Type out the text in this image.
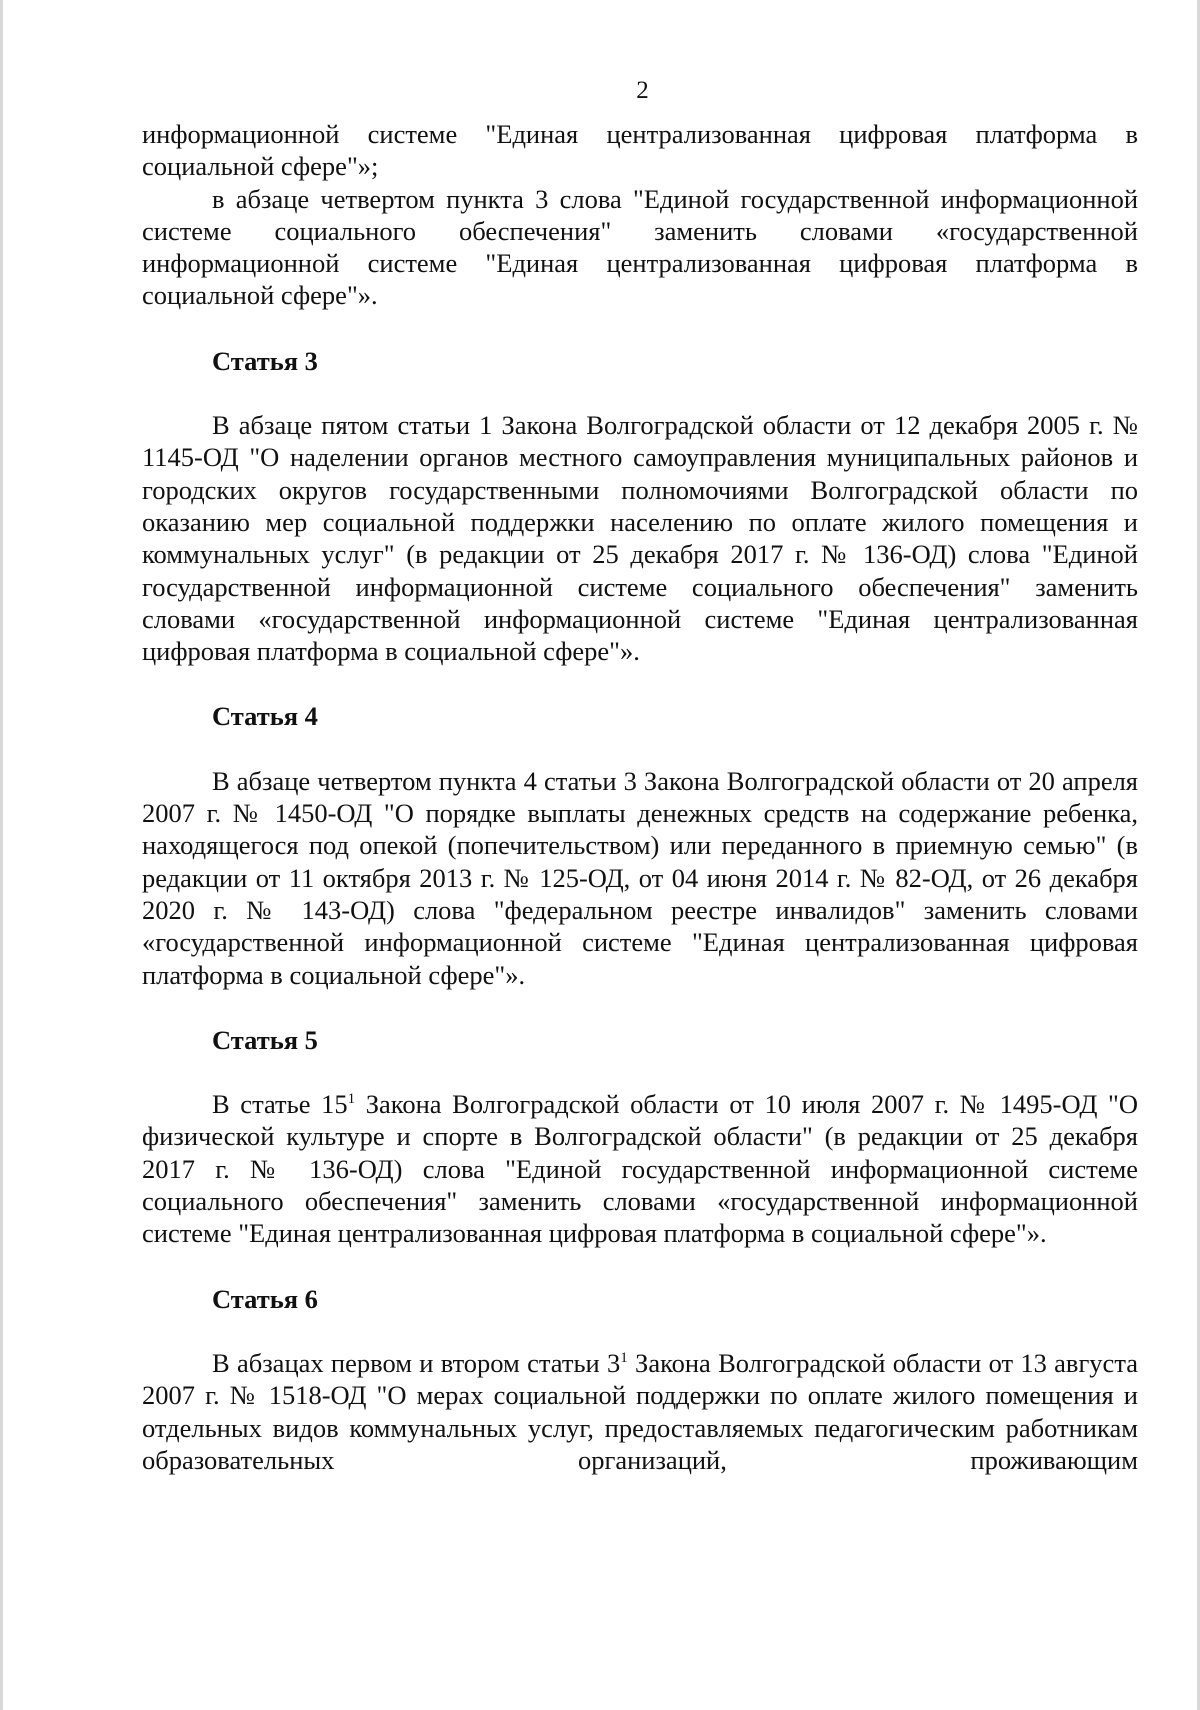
2

информационной системе "Единая централизованная цифровая платформа в социальной сфере"»;

в абзаце четвертом пункта 3 слова "Единой государственной информационной системе социального обеспечения" заменить словами «государственной информационной системе "Единая централизованная цифровая платформа в социальной сфере"».

Статья 3

В абзаце пятом статьи 1 Закона Волгоградской области от 12 декабря 2005 г. № 1145-ОД "О наделении органов местного самоуправления муниципальных районов и городских округов государственными полномочиями Волгоградской области по оказанию мер социальной поддержки населению по оплате жилого помещения и коммунальных услуг" (в редакции от 25 декабря 2017 г. № 136-ОД) слова "Единой государственной информационной системе социального обеспечения" заменить словами «государственной информационной системе "Единая централизованная цифровая платформа в социальной сфере"».

Статья 4

В абзаце четвертом пункта 4 статьи 3 Закона Волгоградской области от 20 апреля 2007 г. № 1450-ОД "О порядке выплаты денежных средств на содержание ребенка, находящегося под опекой (попечительством) или переданного в приемную семью" (в редакции от 11 октября 2013 г. № 125-ОД, от 04 июня 2014 г. № 82-ОД, от 26 декабря 2020 г. № 143-ОД) слова "федеральном реестре инвалидов" заменить словами «государственной информационной системе "Единая централизованная цифровая платформа в социальной сфере"».

Статья 5

В статье $15^1$ Закона Волгоградской области от 10 июля 2007 г. № 1495-ОД "О физической культуре и спорте в Волгоградской области" (в редакции от 25 декабря 2017 г. № 136-ОД) слова "Единой государственной информационной системе социального обеспечения" заменить словами «государственной информационной системе "Единая централизованная цифровая платформа в социальной сфере"».

Статья 6

В абзацах первом и втором статьи $3^1$ Закона Волгоградской области от 13 августа 2007 г. № 1518-ОД "О мерах социальной поддержки по оплате жилого помещения и отдельных видов коммунальных услуг, предоставляемых педагогическим работникам образовательных организаций, проживающим
